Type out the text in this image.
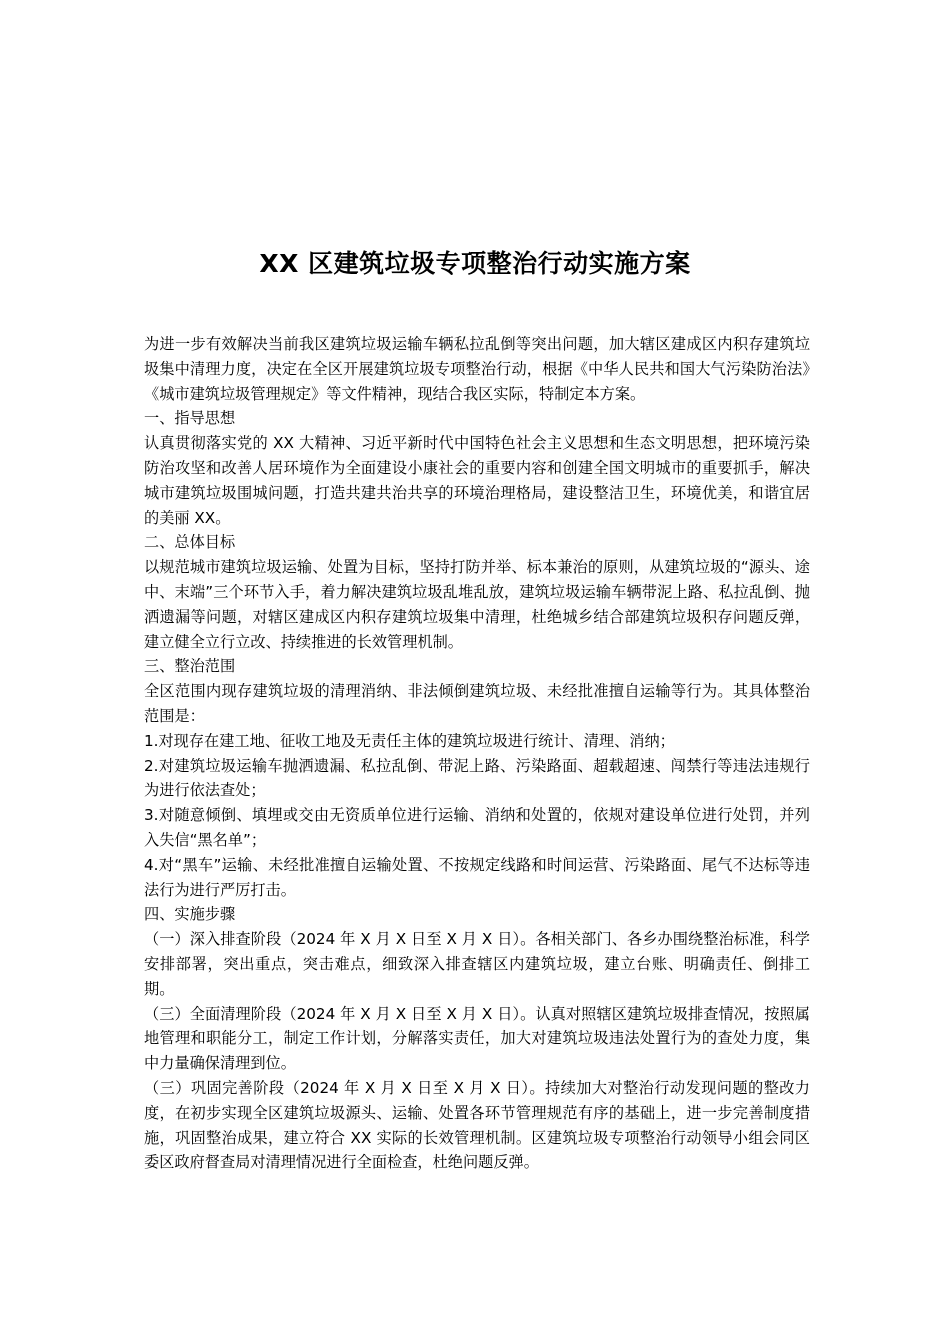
XX 区建筑垃圾专项整治行动实施方案

为进一步有效解决当前我区建筑垃圾运输车辆私拉乱倒等突出问题，加大辖区建成区内积存建筑垃圾集中清理力度，决定在全区开展建筑垃圾专项整治行动，根据《中华人民共和国大气污染防治法》《城市建筑垃圾管理规定》等文件精神，现结合我区实际，特制定本方案。

一、指导思想

认真贯彻落实党的 XX 大精神、习近平新时代中国特色社会主义思想和生态文明思想，把环境污染防治攻坚和改善人居环境作为全面建设小康社会的重要内容和创建全国文明城市的重要抓手，解决城市建筑垃圾围城问题，打造共建共治共享的环境治理格局，建设整洁卫生，环境优美，和谐宜居的美丽 XX。

二、总体目标

以规范城市建筑垃圾运输、处置为目标，坚持打防并举、标本兼治的原则，从建筑垃圾的“源头、途中、末端”三个环节入手，着力解决建筑垃圾乱堆乱放，建筑垃圾运输车辆带泥上路、私拉乱倒、抛洒遗漏等问题，对辖区建成区内积存建筑垃圾集中清理，杜绝城乡结合部建筑垃圾积存问题反弹，建立健全立行立改、持续推进的长效管理机制。

三、整治范围

全区范围内现存建筑垃圾的清理消纳、非法倾倒建筑垃圾、未经批准擅自运输等行为。其具体整治范围是：

1.对现存在建工地、征收工地及无责任主体的建筑垃圾进行统计、清理、消纳；

2.对建筑垃圾运输车抛洒遗漏、私拉乱倒、带泥上路、污染路面、超载超速、闯禁行等违法违规行为进行依法查处；

3.对随意倾倒、填埋或交由无资质单位进行运输、消纳和处置的，依规对建设单位进行处罚，并列入失信“黑名单”；

4.对“黑车”运输、未经批准擅自运输处置、不按规定线路和时间运营、污染路面、尾气不达标等违法行为进行严厉打击。

四、实施步骤

（一）深入排查阶段（2024 年 X 月 X 日至 X 月 X 日）。各相关部门、各乡办围绕整治标准，科学安排部署，突出重点，突击难点，细致深入排查辖区内建筑垃圾，建立台账、明确责任、倒排工期。

（三）全面清理阶段（2024 年 X 月 X 日至 X 月 X 日）。认真对照辖区建筑垃圾排查情况，按照属地管理和职能分工，制定工作计划，分解落实责任，加大对建筑垃圾违法处置行为的查处力度，集中力量确保清理到位。

（三）巩固完善阶段（2024 年 X 月 X 日至 X 月 X 日）。持续加大对整治行动发现问题的整改力度，在初步实现全区建筑垃圾源头、运输、处置各环节管理规范有序的基础上，进一步完善制度措施，巩固整治成果，建立符合 XX 实际的长效管理机制。区建筑垃圾专项整治行动领导小组会同区委区政府督查局对清理情况进行全面检查，杜绝问题反弹。
